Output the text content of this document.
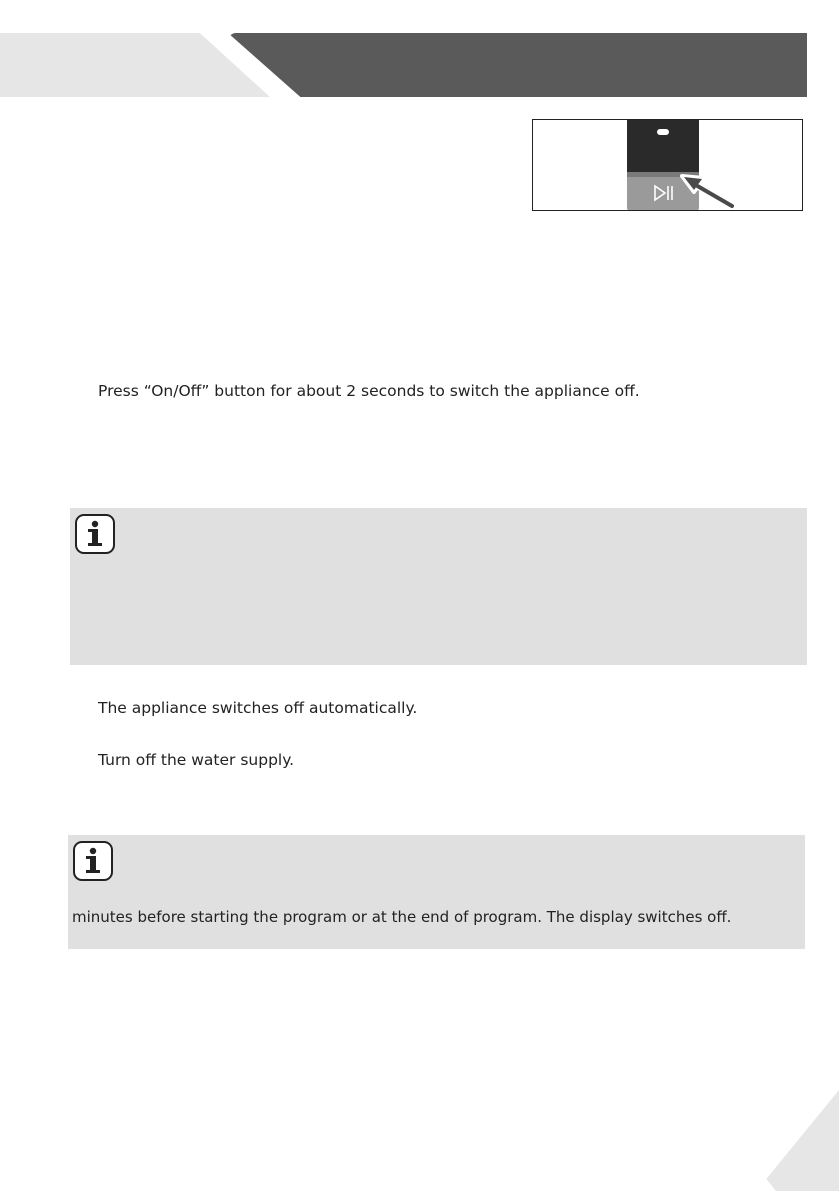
Press “On/Off” button for about 2 seconds to switch the appliance off.
The appliance switches off automatically.
Turn off the water supply.
minutes before starting the program or at the end of program. The display switches off.
